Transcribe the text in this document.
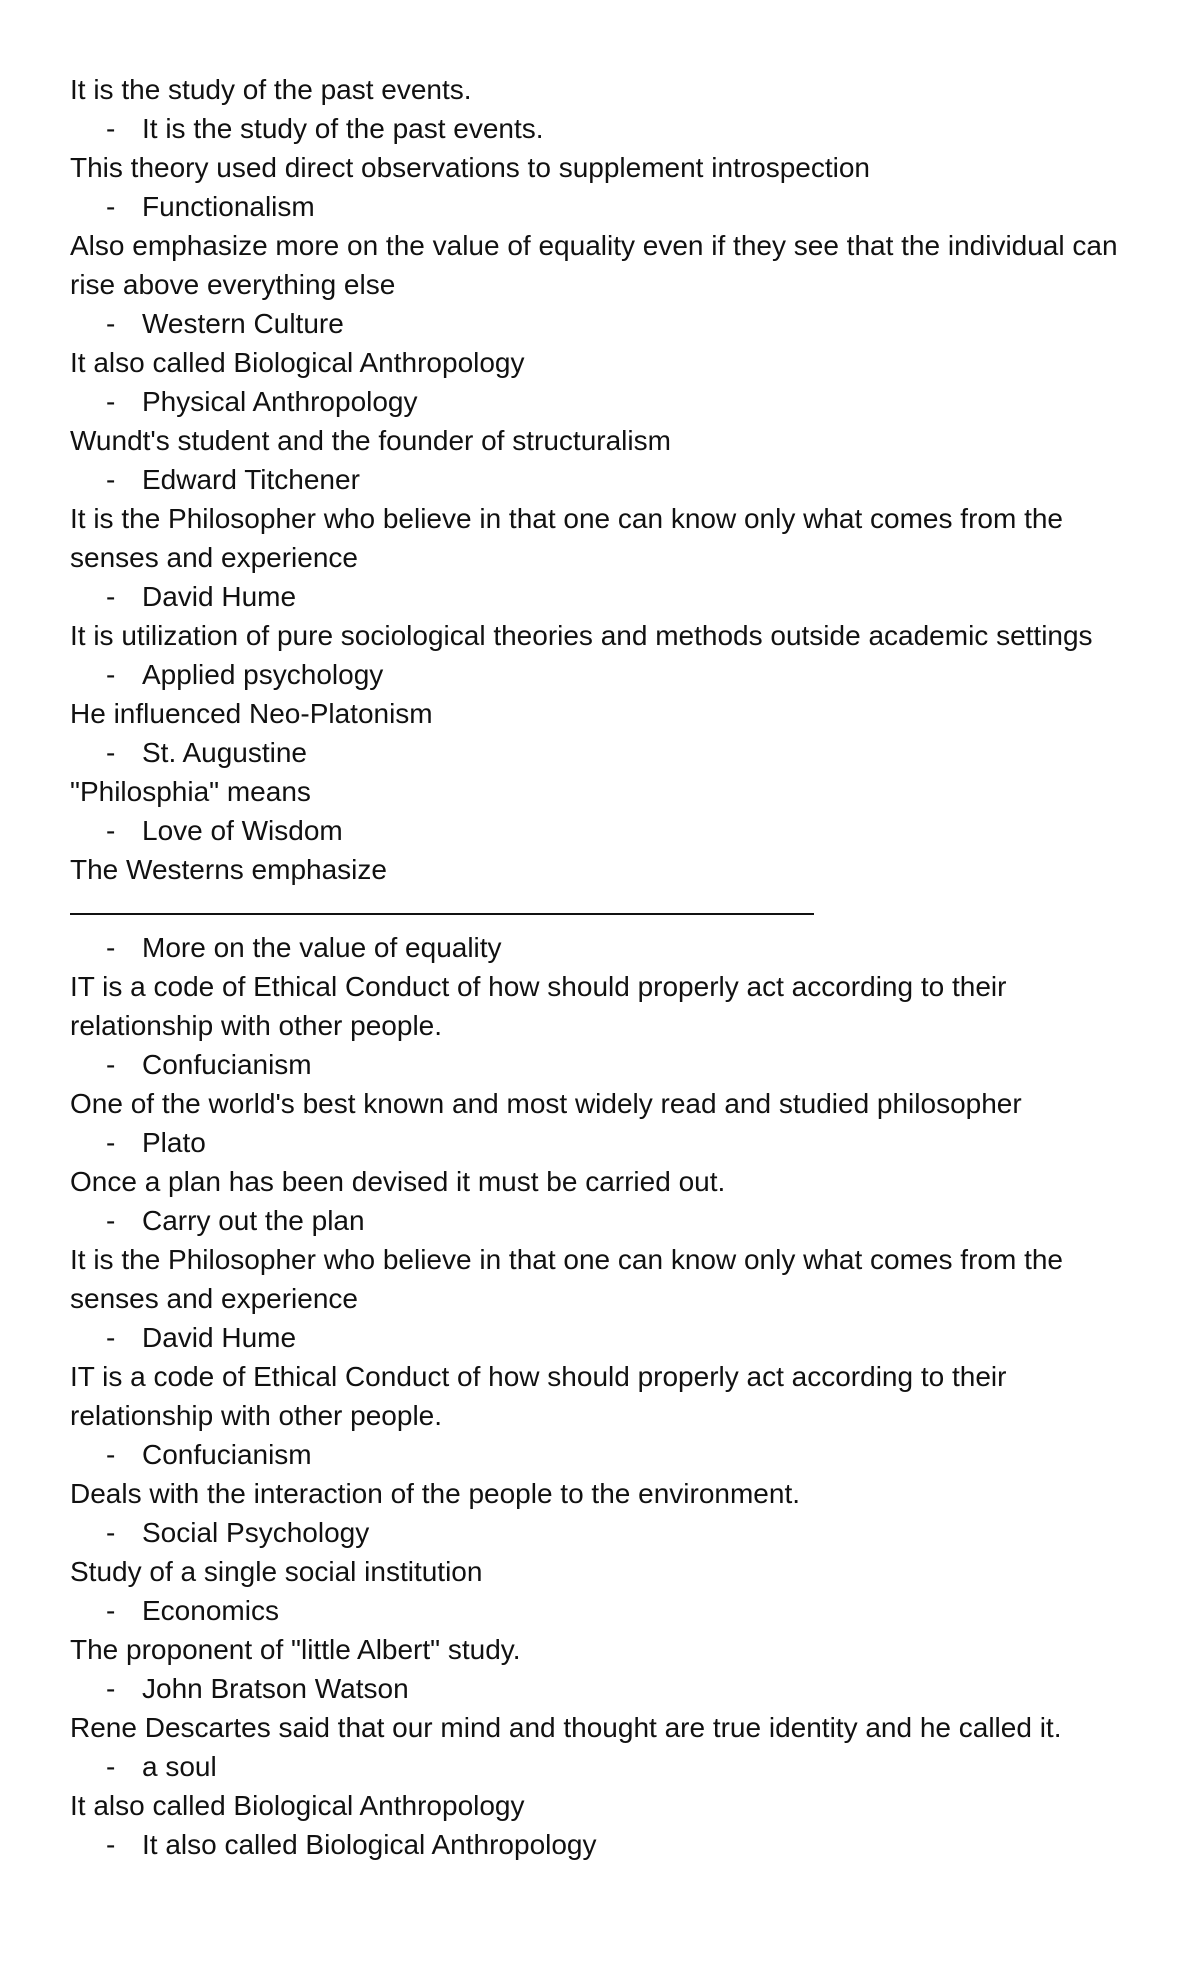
It is the study of the past events.

- It is the study of the past events.

This theory used direct observations to supplement introspection

- Functionalism

Also emphasize more on the value of equality even if they see that the individual can rise above everything else

- Western Culture

It also called Biological Anthropology

- Physical Anthropology

Wundt's student and the founder of structuralism

- Edward Titchener

It is the Philosopher who believe in that one can know only what comes from the senses and experience

- David Hume

It is utilization of pure sociological theories and methods outside academic settings

- Applied psychology

He influenced Neo-Platonism

- St. Augustine

"Philosphia" means

- Love of Wisdom

The Westerns emphasize

- More on the value of equality

IT is a code of Ethical Conduct of how should properly act according to their relationship with other people.

- Confucianism

One of the world's best known and most widely read and studied philosopher

- Plato

Once a plan has been devised it must be carried out.

- Carry out the plan

It is the Philosopher who believe in that one can know only what comes from the senses and experience

- David Hume

IT is a code of Ethical Conduct of how should properly act according to their relationship with other people.

- Confucianism

Deals with the interaction of the people to the environment.

- Social Psychology

Study of a single social institution

- Economics

The proponent of "little Albert" study.

- John Bratson Watson

Rene Descartes said that our mind and thought are true identity and he called it.

- a soul

It also called Biological Anthropology

- It also called Biological Anthropology
